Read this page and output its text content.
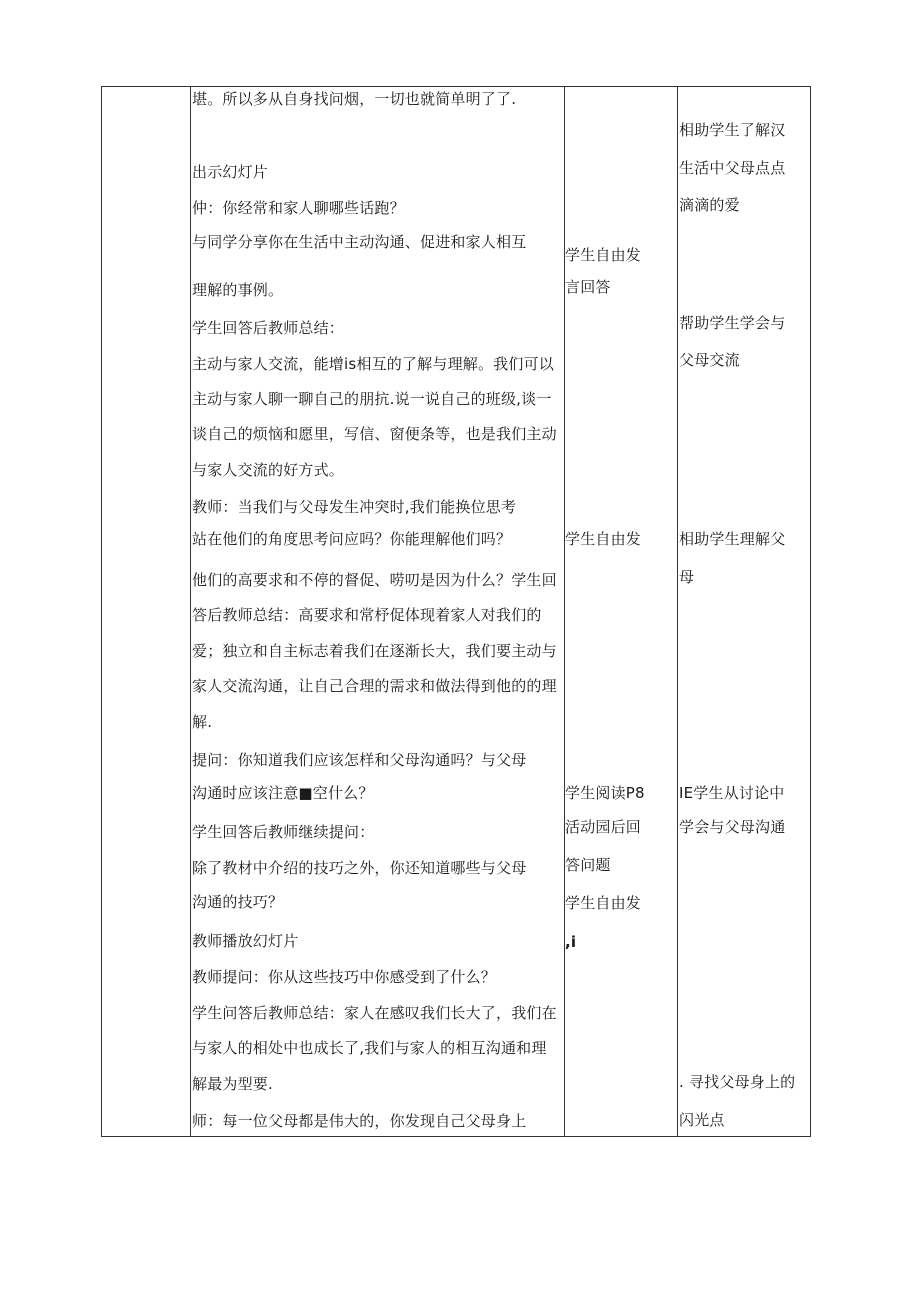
堪。所以多从自身找问烟，一切也就简单明了了.
出示幻灯片
仲：你经常和家人聊哪些话跑？
与同学分享你在生活中主动沟通、促进和家人相互
理解的事例。
学生回答后教师总结：
主动与家人交流，能增is相互的了解与理解。我们可以
主动与家人聊一聊自己的朋抗.说一说自己的班级,谈一
谈自己的烦恼和愿里，写信、窗便条等，也是我们主动
与家人交流的好方式。
教师：当我们与父母发生冲突时,我们能换位思考
站在他们的角度思考问应吗？你能理解他们吗？
他们的高要求和不停的督促、唠叨是因为什么？学生回
答后教师总结：高要求和常杼促体现着家人对我们的
爱；独立和自主标志着我们在逐渐长大，我们要主动与
家人交流沟通，让自己合理的需求和做法得到他的的理
解.
提问：你知道我们应该怎样和父母沟通吗？与父母
沟通时应该注意■空什么？
学生回答后教师继续提问：
除了教材中介绍的技巧之外，你还知道哪些与父母
沟通的技巧？
教师播放幻灯片
教师提问：你从这些技巧中你感受到了什么？
学生问答后教师总结：家人在感叹我们长大了，我们在
与家人的相处中也成长了,我们与家人的相互沟通和理
解最为型要.
师：每一位父母都是伟大的，你发现自己父母身上
学生自由发
言回答
学生自由发
学生阅读P8
活动园后回
答问题
学生自由发
,i
相助学生了解汉
生活中父母点点
滴滴的爱
帮助学生学会与
父母交流
相助学生理解父
母
IE学生从讨论中
学会与父母沟通
. 寻找父母身上的
闪光点
